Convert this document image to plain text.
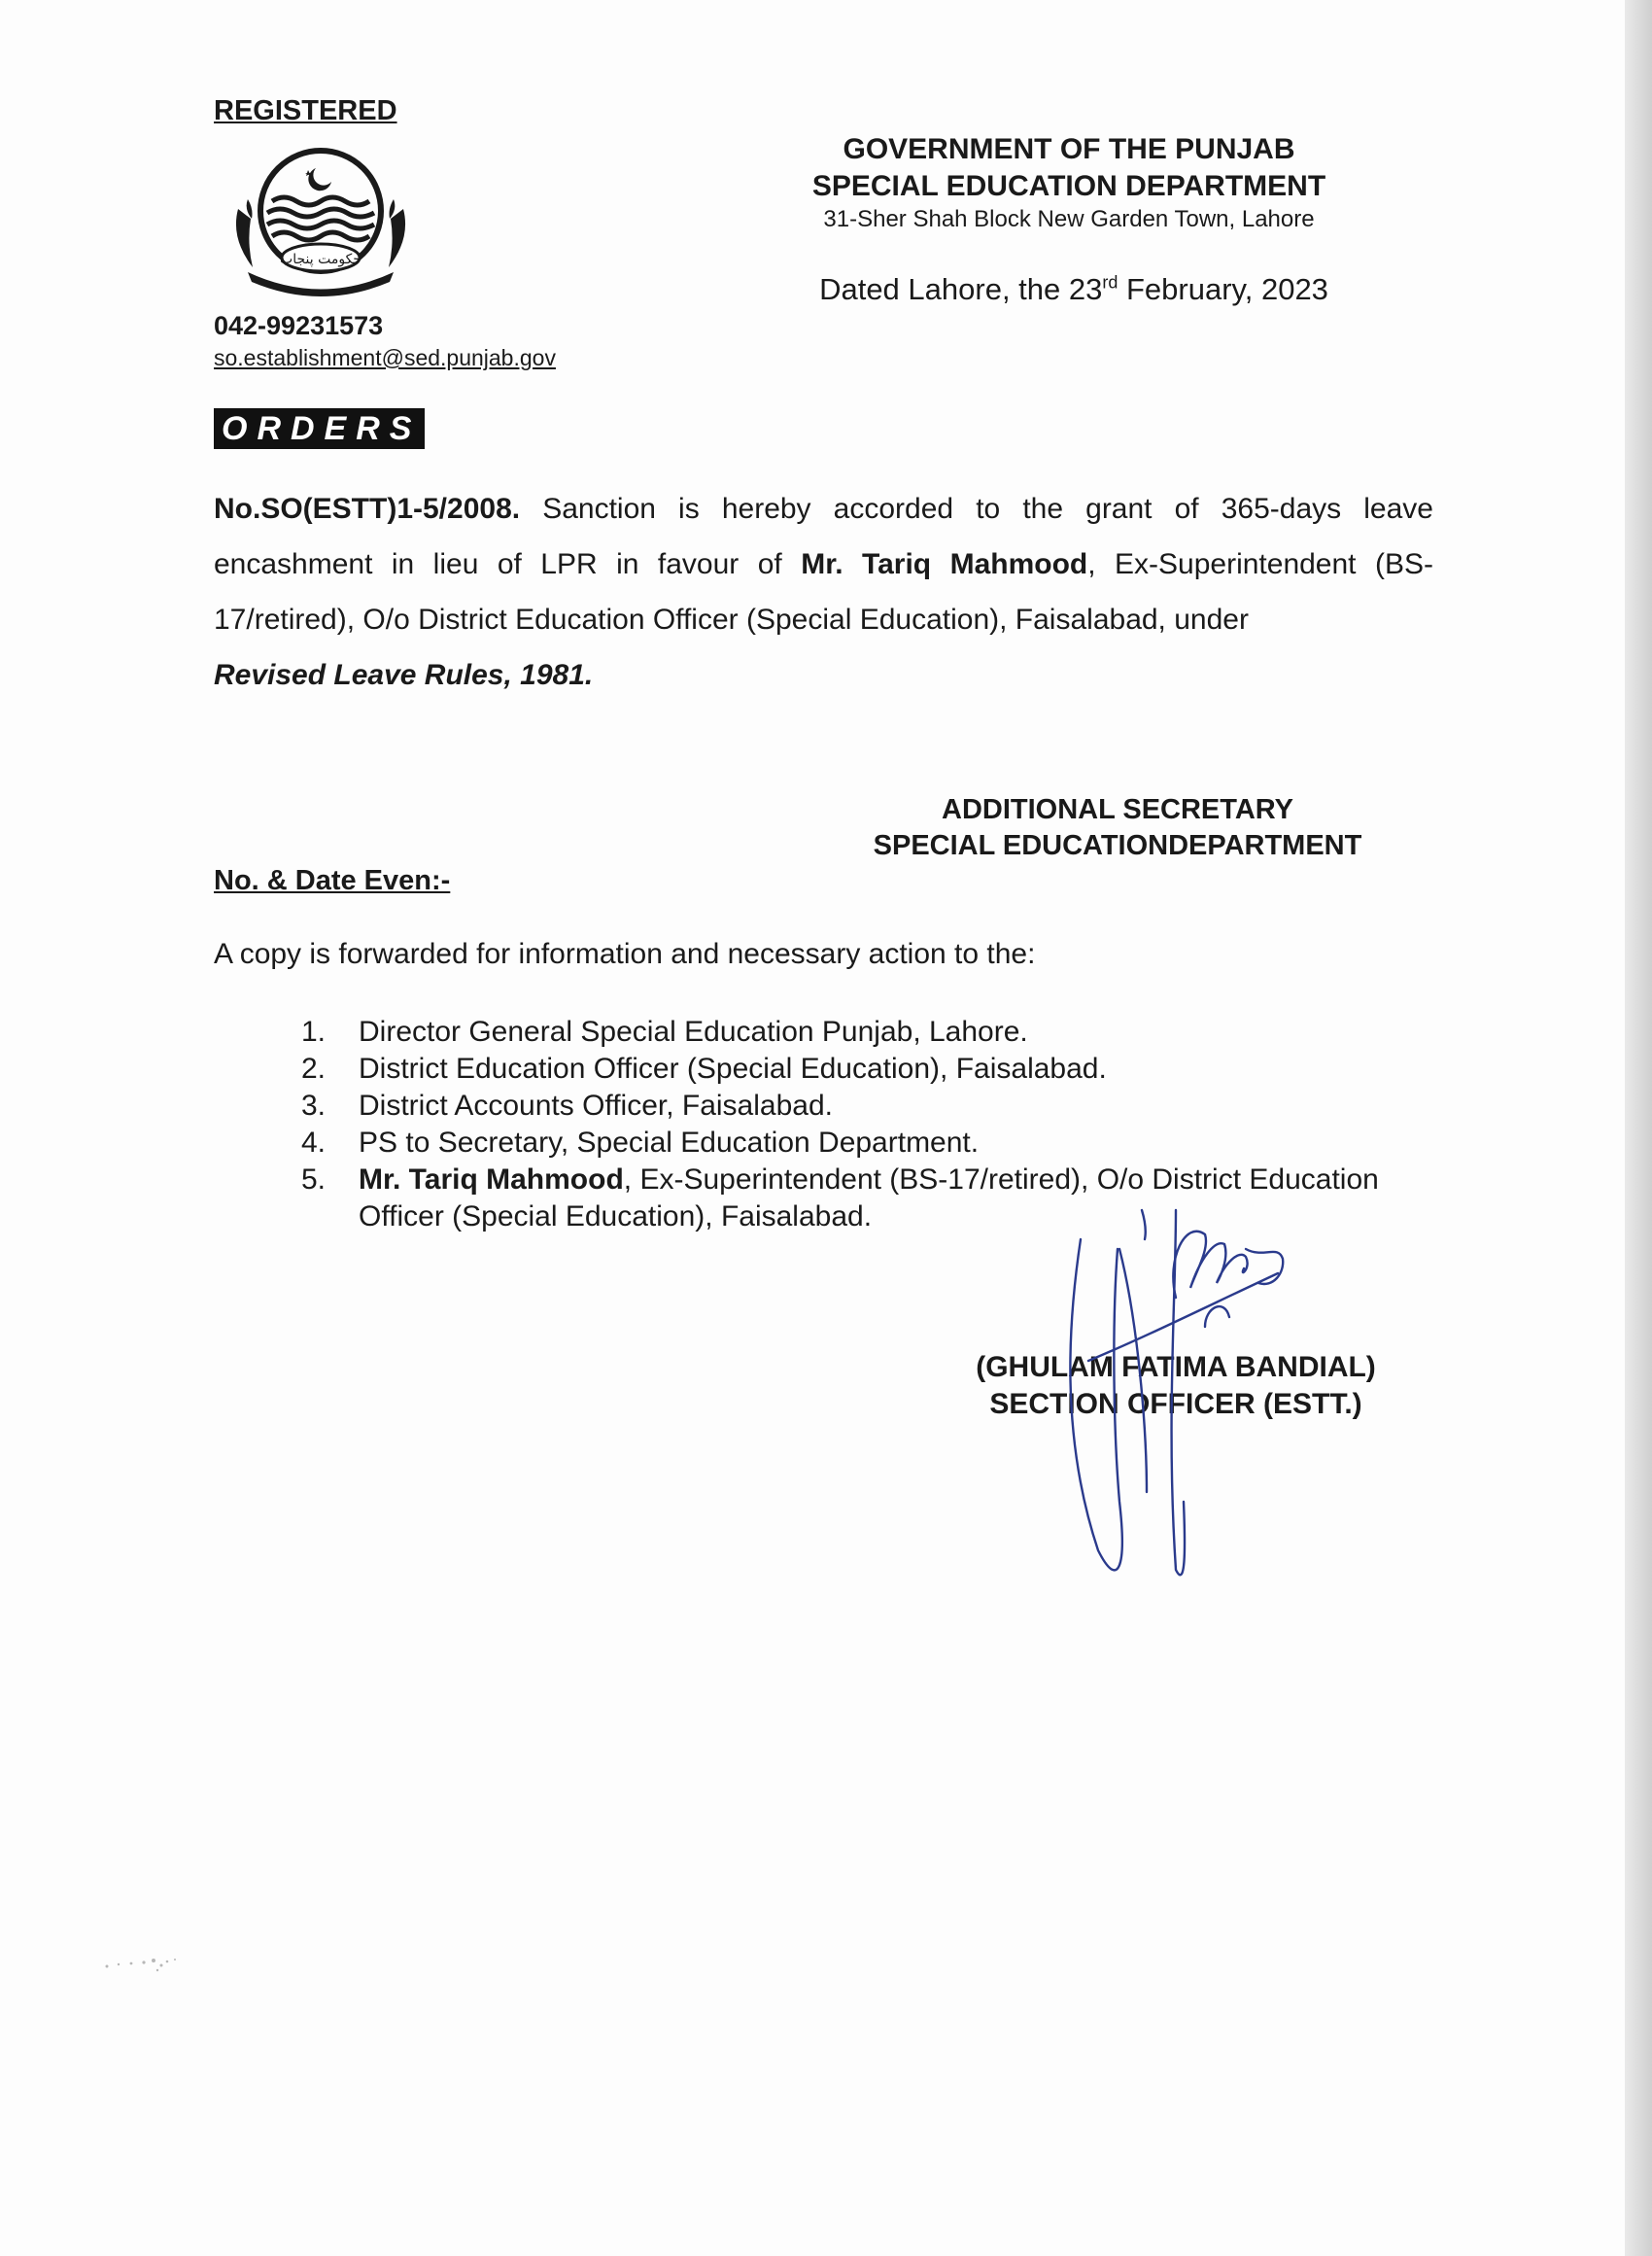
REGISTERED
حکومت پنجاب
042-99231573
so.establishment@sed.punjab.gov
GOVERNMENT OF THE PUNJAB
SPECIAL EDUCATION DEPARTMENT
31-Sher Shah Block New Garden Town, Lahore
Dated Lahore, the 23rd February, 2023
ORDERS
No.SO(ESTT)1-5/2008. Sanction is hereby accorded to the grant of 365-days leave encashment in lieu of LPR in favour of Mr. Tariq Mahmood, Ex-Superintendent (BS-17/retired), O/o District Education Officer (Special Education), Faisalabad, under
Revised Leave Rules, 1981.
ADDITIONAL SECRETARY
SPECIAL EDUCATIONDEPARTMENT
No. & Date Even:-
A copy is forwarded for information and necessary action to the:
1. Director General Special Education Punjab, Lahore.
2. District Education Officer (Special Education), Faisalabad.
3. District Accounts Officer, Faisalabad.
4. PS to Secretary, Special Education Department.
5. Mr. Tariq Mahmood, Ex-Superintendent (BS-17/retired), O/o District Education Officer (Special Education), Faisalabad.
(GHULAM FATIMA BANDIAL)
SECTION OFFICER (ESTT.)
